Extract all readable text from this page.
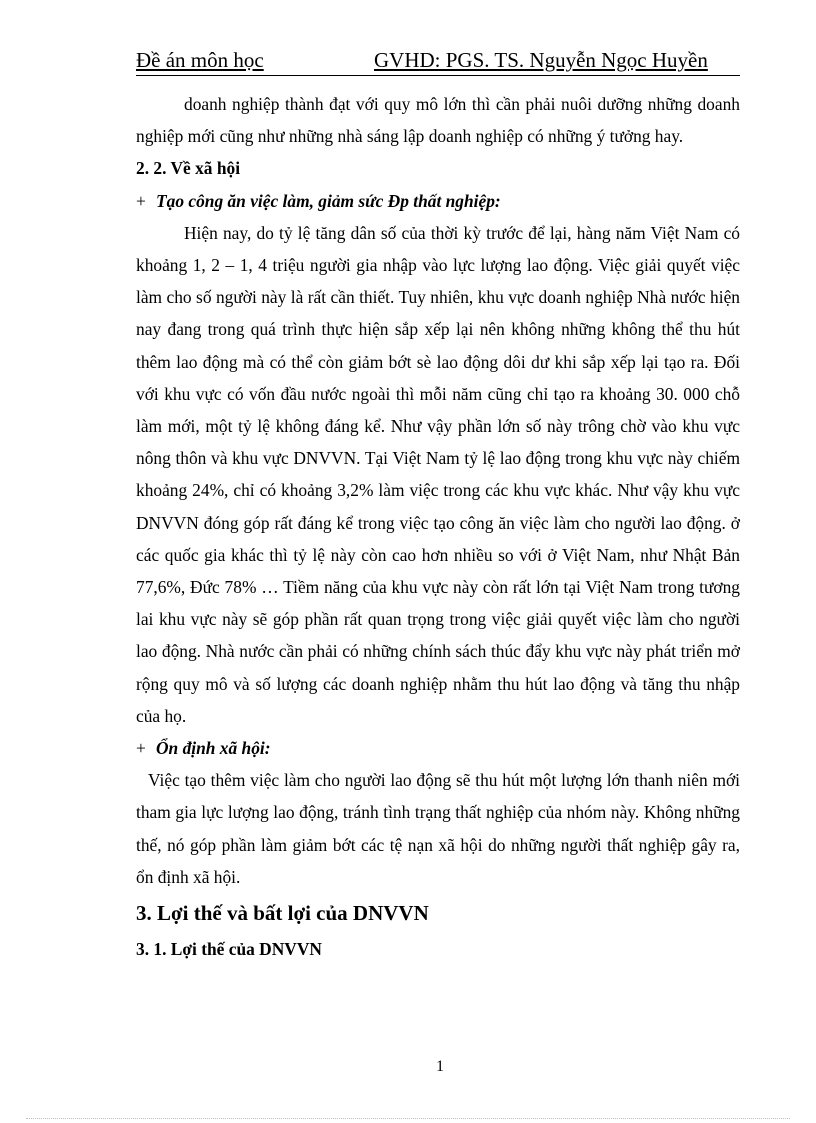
Đề án môn học	GVHD: PGS. TS. Nguyễn Ngọc Huyền

doanh nghiệp thành đạt với quy mô lớn thì cần phải nuôi dưỡng những doanh nghiệp mới cũng như những nhà sáng lập doanh nghiệp có những ý tưởng hay.

2. 2. Về xã hội

+ Tạo công ăn việc làm, giảm sức Đp thất nghiệp:

Hiện nay, do tỷ lệ tăng dân số của thời kỳ trước để lại, hàng năm Việt Nam có khoảng 1, 2 – 1, 4 triệu người gia nhập vào lực lượng lao động. Việc giải quyết việc làm cho số người này là rất cần thiết. Tuy nhiên, khu vực doanh nghiệp Nhà nước hiện nay đang trong quá trình thực hiện sắp xếp lại nên không những không thể thu hút thêm lao động mà có thể còn giảm bớt sè lao động dôi dư khi sắp xếp lại tạo ra. Đối với khu vực có vốn đầu nước ngoài thì mỗi năm cũng chỉ tạo ra khoảng 30. 000 chỗ làm mới, một tỷ lệ không đáng kể. Như vậy phần lớn số này trông chờ vào khu vực nông thôn và khu vực DNVVN. Tại Việt Nam tỷ lệ lao động trong khu vực này chiếm khoảng 24%, chỉ có khoảng 3,2% làm việc trong các khu vực khác. Như vậy khu vực DNVVN đóng góp rất đáng kể trong việc tạo công ăn việc làm cho người lao động. ở các quốc gia khác thì tỷ lệ này còn cao hơn nhiều so với ở Việt Nam, như Nhật Bản 77,6%, Đức 78% … Tiềm năng của khu vực này còn rất lớn tại Việt Nam trong tương lai khu vực này sẽ góp phần rất quan trọng trong việc giải quyết việc làm cho người lao động. Nhà nước cần phải có những chính sách thúc đẩy khu vực này phát triển mở rộng quy mô và số lượng các doanh nghiệp nhằm thu hút lao động và tăng thu nhập của họ.

+ Ổn định xã hội:

Việc tạo thêm việc làm cho người lao động sẽ thu hút một lượng lớn thanh niên mới tham gia lực lượng lao động, tránh tình trạng thất nghiệp của nhóm này. Không những thế, nó góp phần làm giảm bớt các tệ nạn xã hội do những người thất nghiệp gây ra, ổn định xã hội.

3. Lợi thế và bất lợi của DNVVN

3. 1. Lợi thế của DNVVN

1
